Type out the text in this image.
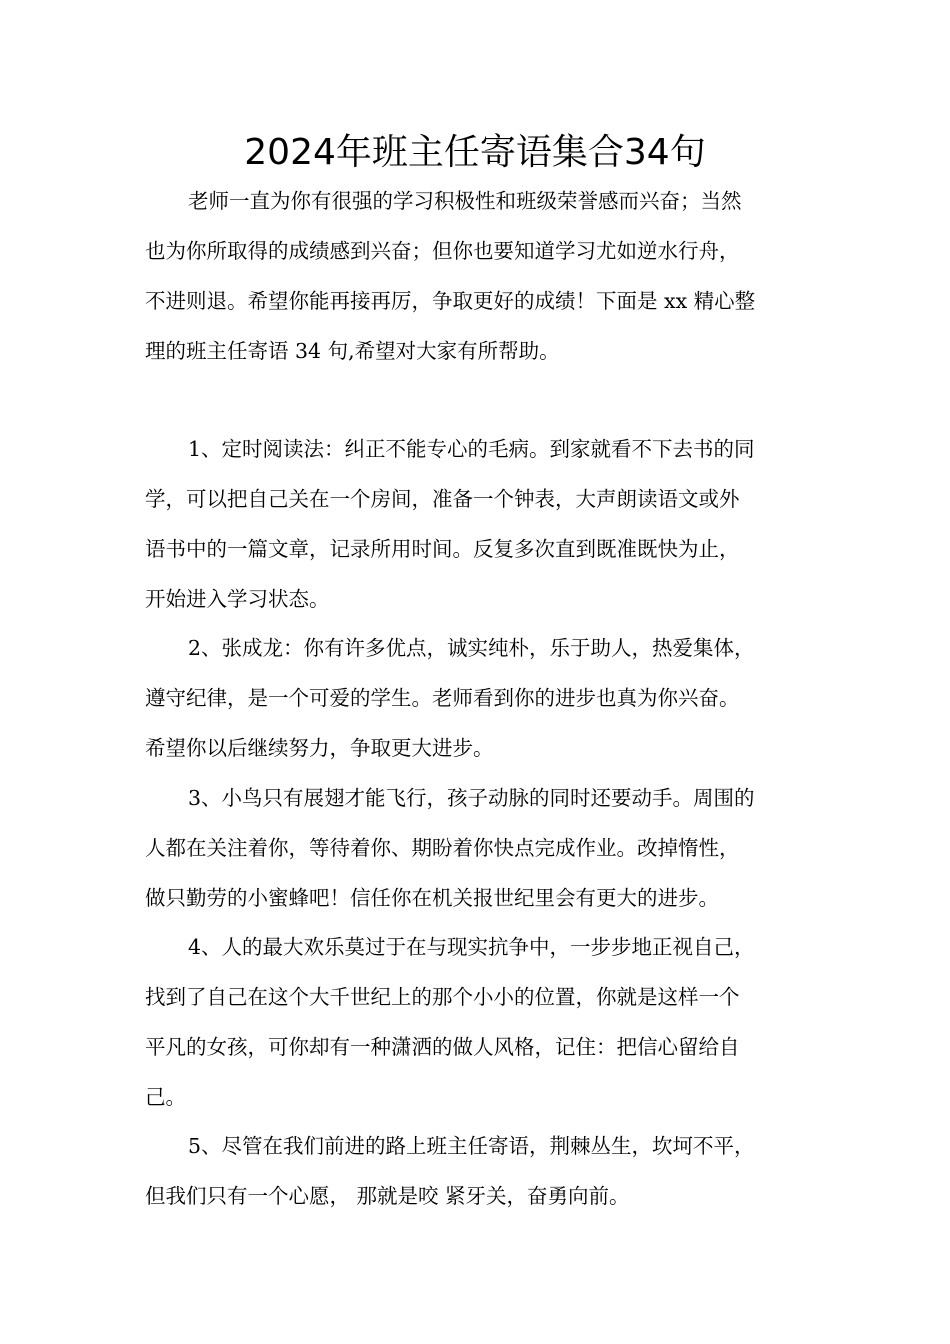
2024年班主任寄语集合34句
老师一直为你有很强的学习积极性和班级荣誉感而兴奋；当然
也为你所取得的成绩感到兴奋；但你也要知道学习尤如逆水行舟，
不进则退。希望你能再接再厉，争取更好的成绩！下面是 xx 精心整
理的班主任寄语 34 句,希望对大家有所帮助。
1、定时阅读法：纠正不能专心的毛病。到家就看不下去书的同
学，可以把自己关在一个房间，准备一个钟表，大声朗读语文或外
语书中的一篇文章，记录所用时间。反复多次直到既准既快为止，
开始进入学习状态。
2、张成龙：你有许多优点，诚实纯朴，乐于助人，热爱集体，
遵守纪律，是一个可爱的学生。老师看到你的进步也真为你兴奋。
希望你以后继续努力，争取更大进步。
3、小鸟只有展翅才能飞行，孩子动脉的同时还要动手。周围的
人都在关注着你，等待着你、期盼着你快点完成作业。改掉惰性，
做只勤劳的小蜜蜂吧！信任你在机关报世纪里会有更大的进步。
4、人的最大欢乐莫过于在与现实抗争中，一步步地正视自己，
找到了自己在这个大千世纪上的那个小小的位置，你就是这样一个
平凡的女孩，可你却有一种潇洒的做人风格，记住：把信心留给自
己。
5、尽管在我们前进的路上班主任寄语，荆棘丛生，坎坷不平，
但我们只有一个心愿， 那就是咬 紧牙关，奋勇向前。
